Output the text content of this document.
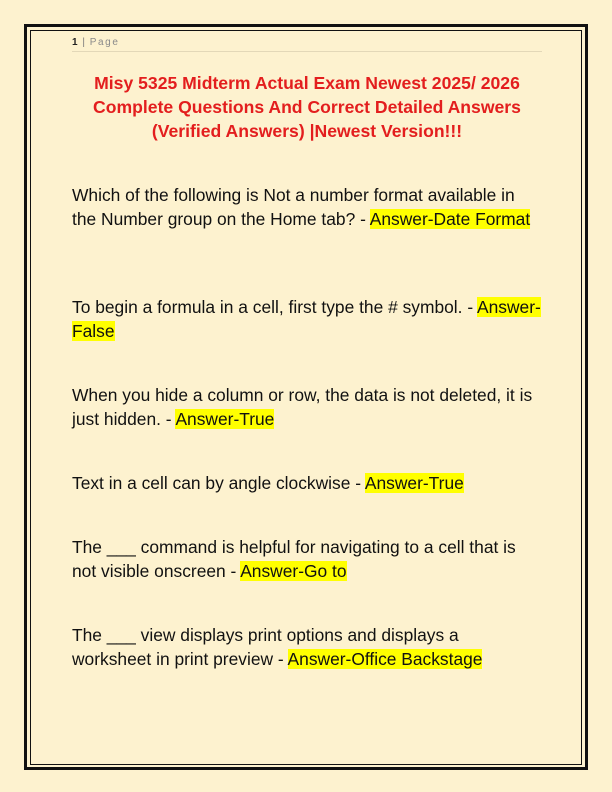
1 | Page
Misy 5325 Midterm Actual Exam Newest 2025/ 2026 Complete Questions And Correct Detailed Answers (Verified Answers) |Newest Version!!!
Which of the following is Not a number format available in the Number group on the Home tab? - Answer-Date Format
To begin a formula in a cell, first type the # symbol. - Answer-False
When you hide a column or row, the data is not deleted, it is just hidden. - Answer-True
Text in a cell can by angle clockwise - Answer-True
The ___ command is helpful for navigating to a cell that is not visible onscreen - Answer-Go to
The ___ view displays print options and displays a worksheet in print preview - Answer-Office Backstage
